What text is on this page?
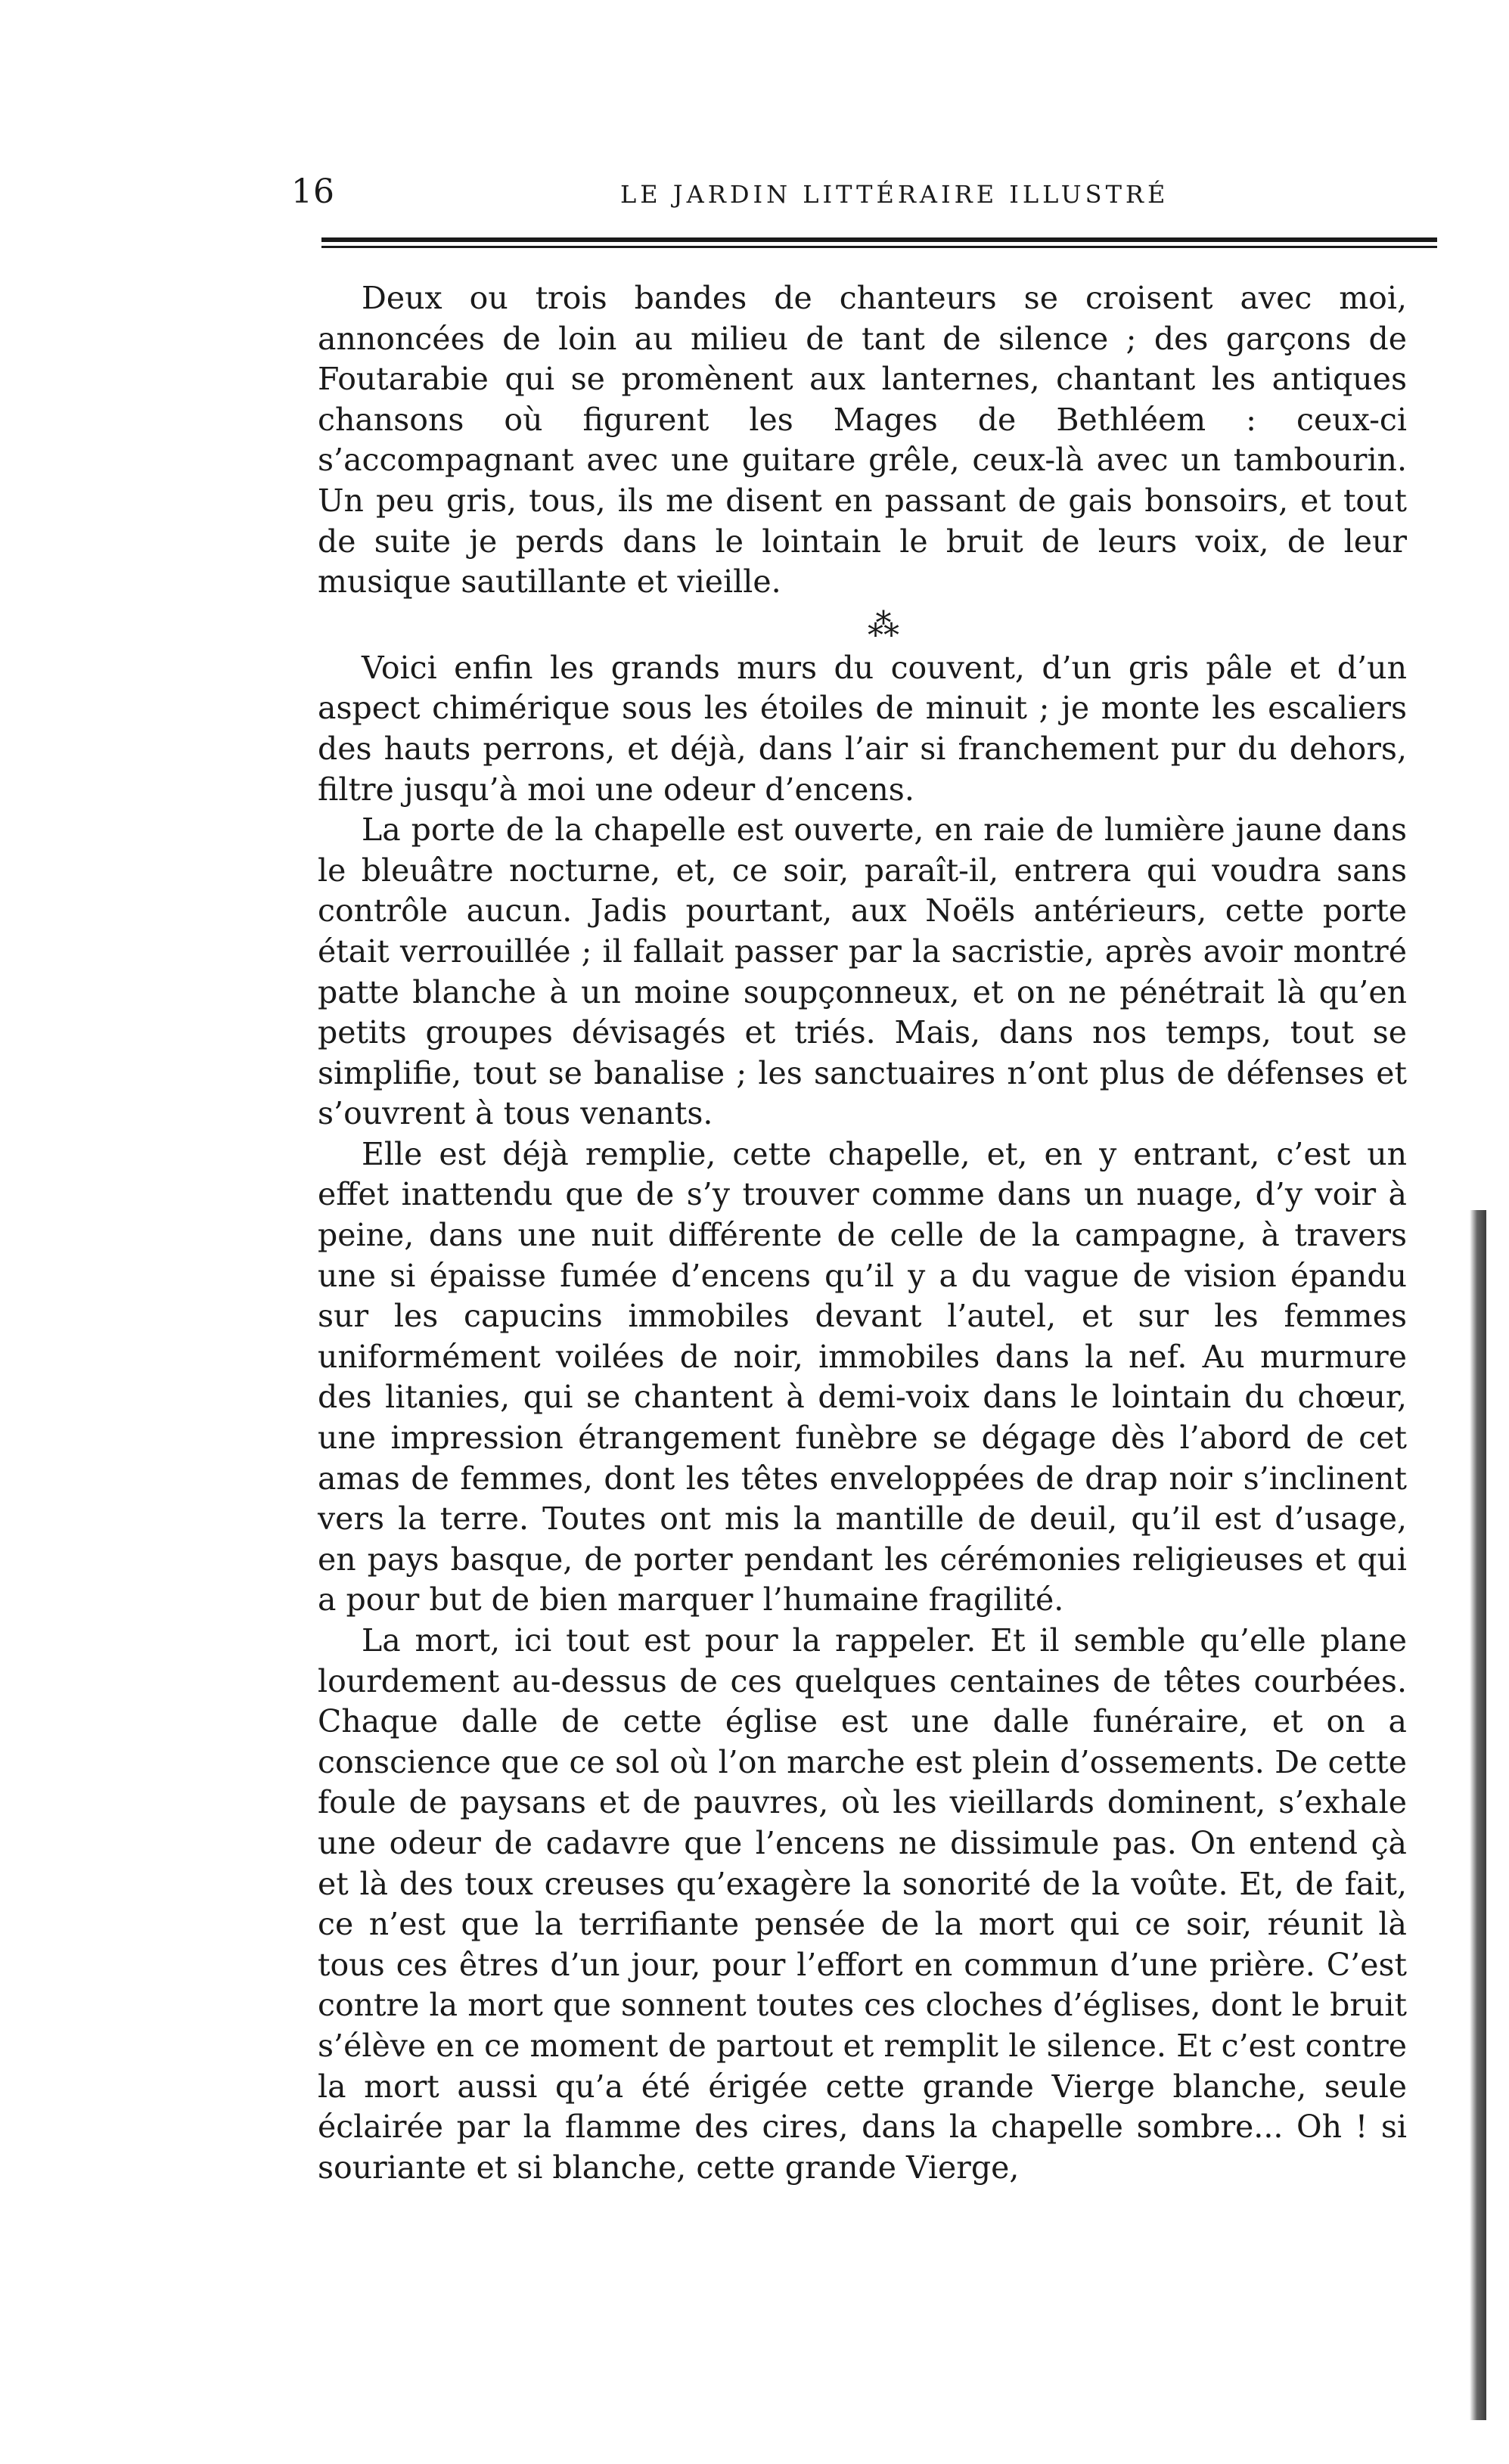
16	LE JARDIN LITTÉRAIRE ILLUSTRÉ

Deux ou trois bandes de chanteurs se croisent avec moi, annoncées de loin au milieu de tant de silence ; des garçons de Foutarabie qui se promènent aux lanternes, chantant les antiques chansons où figurent les Mages de Bethléem : ceux-ci s’accompagnant avec une guitare grêle, ceux-là avec un tambourin. Un peu gris, tous, ils me disent en passant de gais bonsoirs, et tout de suite je perds dans le lointain le bruit de leurs voix, de leur musique sautillante et vieille.

⁂

Voici enfin les grands murs du couvent, d’un gris pâle et d’un aspect chimérique sous les étoiles de minuit ; je monte les escaliers des hauts perrons, et déjà, dans l’air si franchement pur du dehors, filtre jusqu’à moi une odeur d’encens.

La porte de la chapelle est ouverte, en raie de lumière jaune dans le bleuâtre nocturne, et, ce soir, paraît-il, entrera qui voudra sans contrôle aucun. Jadis pourtant, aux Noëls antérieurs, cette porte était verrouillée ; il fallait passer par la sacristie, après avoir montré patte blanche à un moine soupçonneux, et on ne pénétrait là qu’en petits groupes dévisagés et triés. Mais, dans nos temps, tout se simplifie, tout se banalise ; les sanctuaires n’ont plus de défenses et s’ouvrent à tous venants.

Elle est déjà remplie, cette chapelle, et, en y entrant, c’est un effet inattendu que de s’y trouver comme dans un nuage, d’y voir à peine, dans une nuit différente de celle de la campagne, à travers une si épaisse fumée d’encens qu’il y a du vague de vision épandu sur les capucins immobiles devant l’autel, et sur les femmes uniformément voilées de noir, immobiles dans la nef. Au murmure des litanies, qui se chantent à demi-voix dans le lointain du chœur, une impression étrangement funèbre se dégage dès l’abord de cet amas de femmes, dont les têtes enveloppées de drap noir s’inclinent vers la terre. Toutes ont mis la mantille de deuil, qu’il est d’usage, en pays basque, de porter pendant les cérémonies religieuses et qui a pour but de bien marquer l’humaine fragilité.

La mort, ici tout est pour la rappeler. Et il semble qu’elle plane lourdement au-dessus de ces quelques centaines de têtes courbées. Chaque dalle de cette église est une dalle funéraire, et on a conscience que ce sol où l’on marche est plein d’ossements. De cette foule de paysans et de pauvres, où les vieillards dominent, s’exhale une odeur de cadavre que l’encens ne dissimule pas. On entend çà et là des toux creuses qu’exagère la sonorité de la voûte. Et, de fait, ce n’est que la terrifiante pensée de la mort qui ce soir, réunit là tous ces êtres d’un jour, pour l’effort en commun d’une prière. C’est contre la mort que sonnent toutes ces cloches d’églises, dont le bruit s’élève en ce moment de partout et remplit le silence. Et c’est contre la mort aussi qu’a été érigée cette grande Vierge blanche, seule éclairée par la flamme des cires, dans la chapelle sombre... Oh ! si souriante et si blanche, cette grande Vierge,
